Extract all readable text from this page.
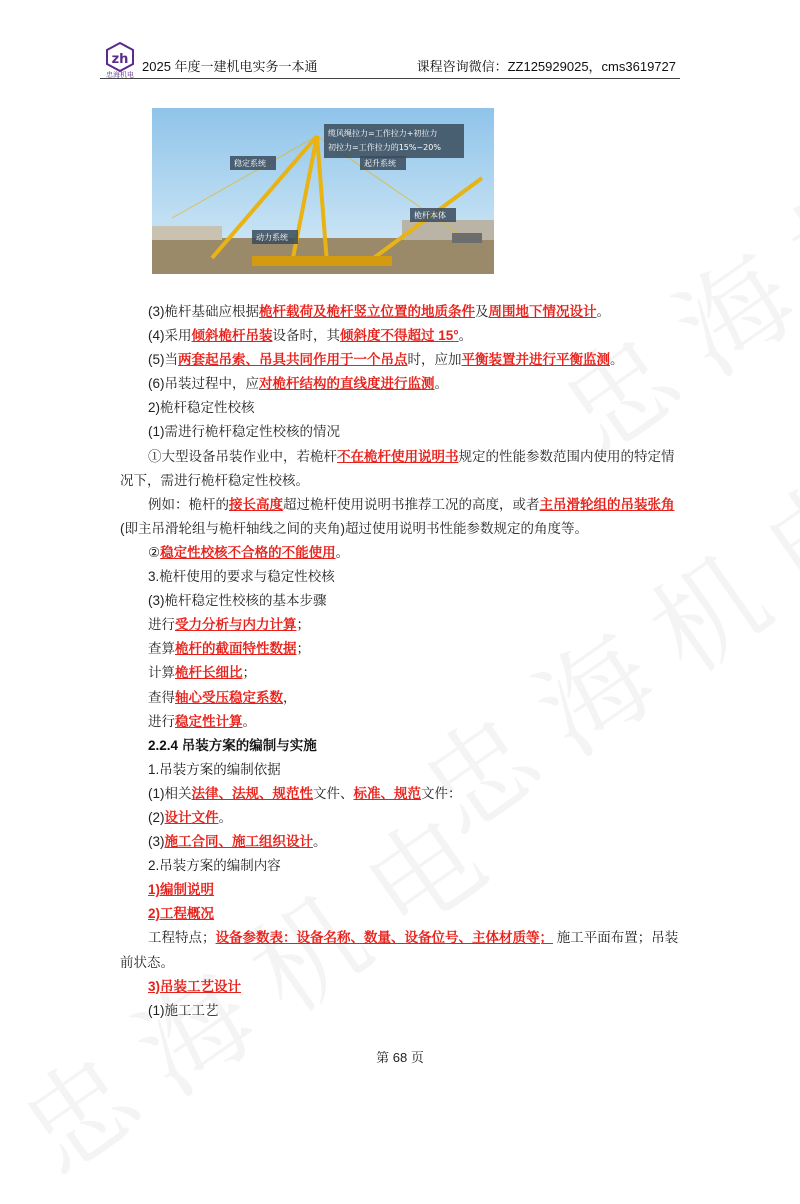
zh
忠海机电
2025 年度一建机电实务一本通	课程咨询微信：ZZ125929025，cms3619727
缆风绳拉力=工作拉力+初拉力
初拉力=工作拉力的15%~20%
稳定系统	起升系统
桅杆本体
动力系统
(3)桅杆基础应根据桅杆载荷及桅杆竖立位置的地质条件及周围地下情况设计。
(4)采用倾斜桅杆吊装设备时，其倾斜度不得超过 15°。
(5)当两套起吊索、吊具共同作用于一个吊点时，应加平衡装置并进行平衡监测。
(6)吊装过程中，应对桅杆结构的直线度进行监测。
2)桅杆稳定性校核
(1)需进行桅杆稳定性校核的情况
①大型设备吊装作业中，若桅杆不在桅杆使用说明书规定的性能参数范围内使用的特定情况下，需进行桅杆稳定性校核。
例如：桅杆的接长高度超过桅杆使用说明书推荐工况的高度，或者主吊滑轮组的吊装张角(即主吊滑轮组与桅杆轴线之间的夹角)超过使用说明书性能参数规定的角度等。
②稳定性校核不合格的不能使用。
3.桅杆使用的要求与稳定性校核
(3)桅杆稳定性校核的基本步骤
进行受力分析与内力计算；
查算桅杆的截面特性数据；
计算桅杆长细比；
查得轴心受压稳定系数，
进行稳定性计算。
2.2.4 吊装方案的编制与实施
1.吊装方案的编制依据
(1)相关法律、法规、规范性文件、标准、规范文件：
(2)设计文件。
(3)施工合同、施工组织设计。
2.吊装方案的编制内容
1)编制说明
2)工程概况
工程特点；设备参数表：设备名称、数量、设备位号、主体材质等； 施工平面布置；吊装前状态。
3)吊装工艺设计
(1)施工工艺
第 68 页
